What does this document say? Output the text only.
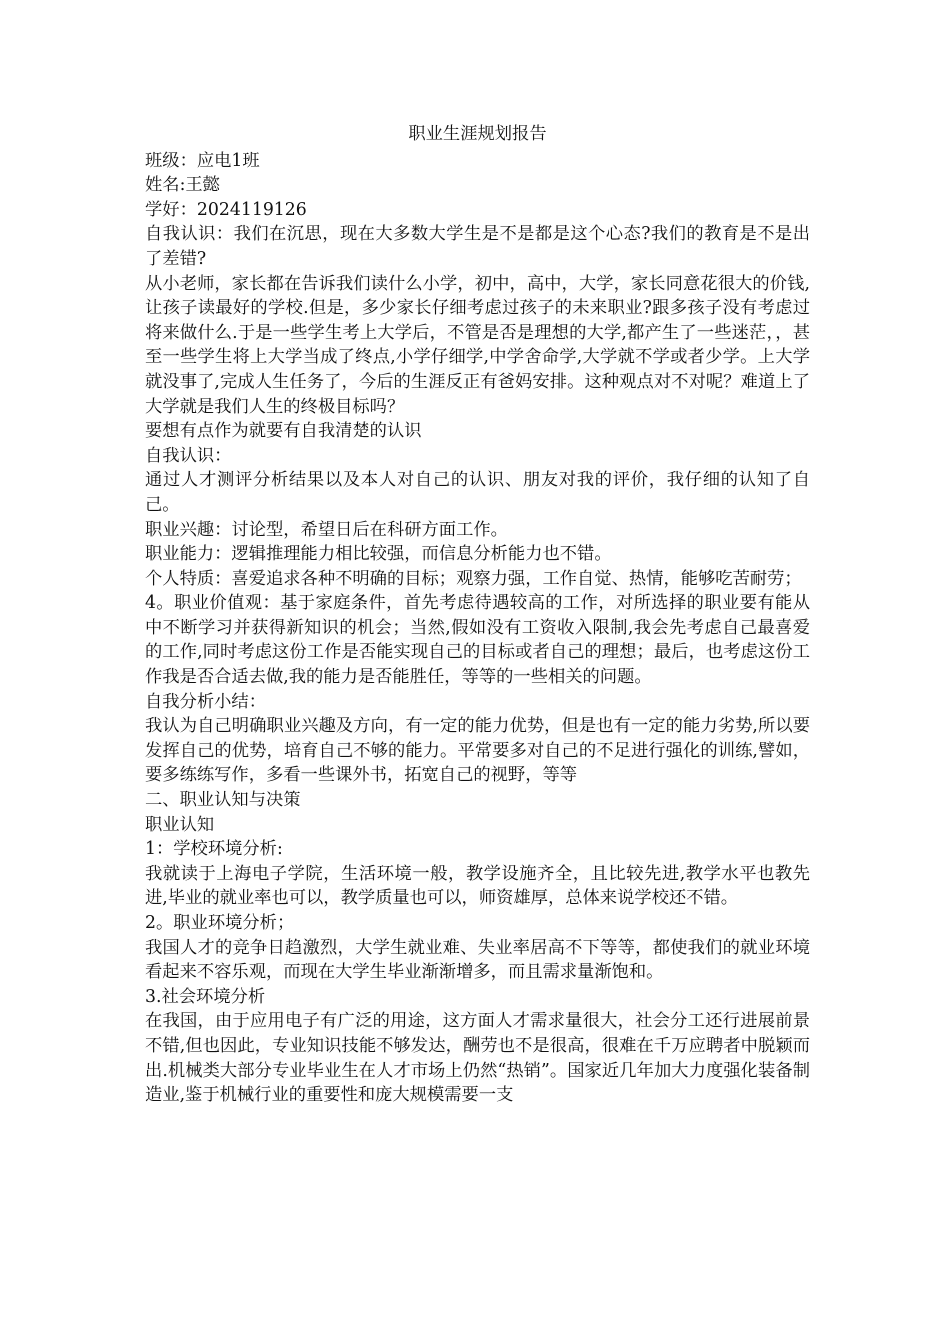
职业生涯规划报告
班级：应电1班
姓名:王懿
学好：2024119126
自我认识：我们在沉思，现在大多数大学生是不是都是这个心态?我们的教育是不是出了差错?
从小老师，家长都在告诉我们读什么小学，初中，高中，大学，家长同意花很大的价钱,让孩子读最好的学校.但是，多少家长仔细考虑过孩子的未来职业?跟多孩子没有考虑过将来做什么.于是一些学生考上大学后，不管是否是理想的大学,都产生了一些迷茫，，甚至一些学生将上大学当成了终点,小学仔细学,中学舍命学,大学就不学或者少学。上大学就没事了,完成人生任务了，今后的生涯反正有爸妈安排。这种观点对不对呢？难道上了大学就是我们人生的终极目标吗？
要想有点作为就要有自我清楚的认识
自我认识：
通过人才测评分析结果以及本人对自己的认识、朋友对我的评价，我仔细的认知了自己。
职业兴趣：讨论型，希望日后在科研方面工作。
职业能力：逻辑推理能力相比较强，而信息分析能力也不错。
个人特质：喜爱追求各种不明确的目标；观察力强，工作自觉、热情，能够吃苦耐劳；
4。职业价值观：基于家庭条件，首先考虑待遇较高的工作，对所选择的职业要有能从中不断学习并获得新知识的机会；当然,假如没有工资收入限制,我会先考虑自己最喜爱的工作,同时考虑这份工作是否能实现自己的目标或者自己的理想；最后，也考虑这份工作我是否合适去做,我的能力是否能胜任，等等的一些相关的问题。
自我分析小结：
我认为自己明确职业兴趣及方向，有一定的能力优势，但是也有一定的能力劣势,所以要发挥自己的优势，培育自己不够的能力。平常要多对自己的不足进行强化的训练,譬如，要多练练写作，多看一些课外书，拓宽自己的视野，等等
二、职业认知与决策
职业认知
1：学校环境分析:
我就读于上海电子学院，生活环境一般，教学设施齐全，且比较先进,教学水平也教先进,毕业的就业率也可以，教学质量也可以，师资雄厚，总体来说学校还不错。
2。职业环境分析；
我国人才的竞争日趋激烈，大学生就业难、失业率居高不下等等，都使我们的就业环境看起来不容乐观，而现在大学生毕业渐渐增多，而且需求量渐饱和。
3.社会环境分析
在我国，由于应用电子有广泛的用途，这方面人才需求量很大，社会分工还行进展前景不错,但也因此，专业知识技能不够发达，酬劳也不是很高，很难在千万应聘者中脱颖而出.机械类大部分专业毕业生在人才市场上仍然“热销”。国家近几年加大力度强化装备制造业,鉴于机械行业的重要性和庞大规模需要一支
